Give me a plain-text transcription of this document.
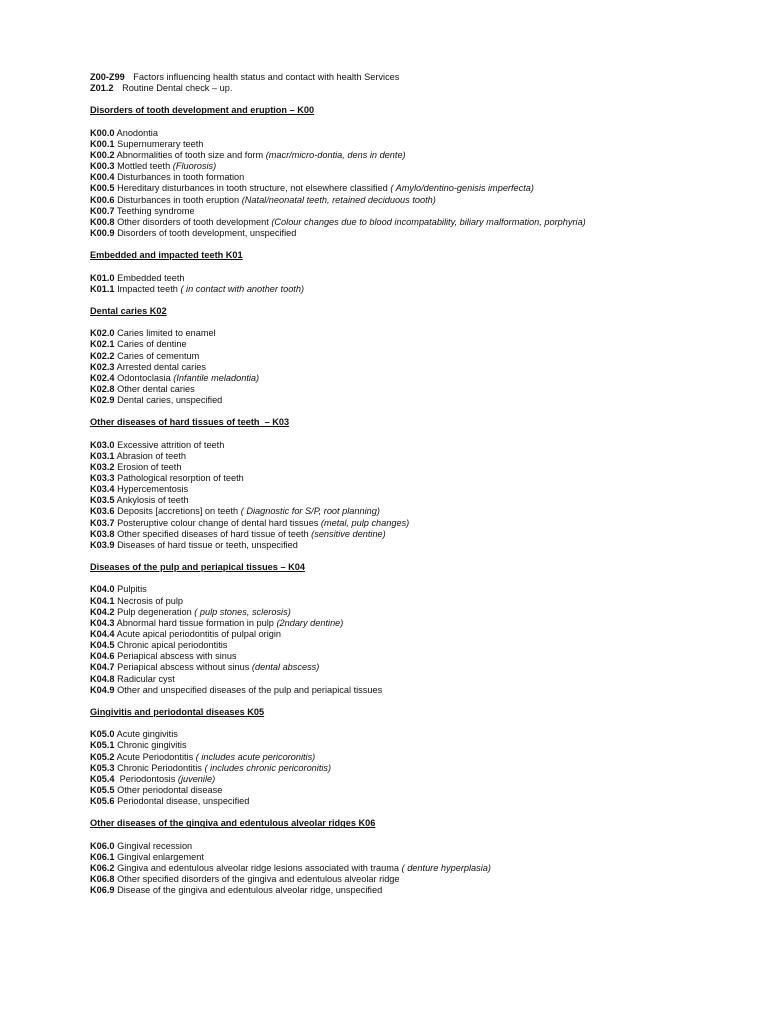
Z00-Z99 Factors influencing health status and contact with health Services
Z01.2 Routine Dental check – up.
Disorders of tooth development and eruption – K00
K00.0 Anodontia
K00.1 Supernumerary teeth
K00.2 Abnormalities of tooth size and form (macr/micro-dontia, dens in dente)
K00.3 Mottled teeth (Fluorosis)
K00.4 Disturbances in tooth formation
K00.5 Hereditary disturbances in tooth structure, not elsewhere classified ( Amylo/dentino-genisis imperfecta)
K00.6 Disturbances in tooth eruption (Natal/neonatal teeth, retained deciduous tooth)
K00.7 Teething syndrome
K00.8 Other disorders of tooth development (Colour changes due to blood incompatability, biliary malformation, porphyria)
K00.9 Disorders of tooth development, unspecified
Embedded and impacted teeth K01
K01.0 Embedded teeth
K01.1 Impacted teeth ( in contact with another tooth)
Dental caries K02
K02.0 Caries limited to enamel
K02.1 Caries of dentine
K02.2 Caries of cementum
K02.3 Arrested dental caries
K02.4 Odontoclasia (Infantile meladontia)
K02.8 Other dental caries
K02.9 Dental caries, unspecified
Other diseases of hard tissues of teeth  – K03
K03.0 Excessive attrition of teeth
K03.1 Abrasion of teeth
K03.2 Erosion of teeth
K03.3 Pathological resorption of teeth
K03.4 Hypercementosis
K03.5 Ankylosis of teeth
K03.6 Deposits [accretions] on teeth ( Diagnostic for S/P, root planning)
K03.7 Posteruptive colour change of dental hard tissues (metal, pulp changes)
K03.8 Other specified diseases of hard tissue of teeth (sensitive dentine)
K03.9 Diseases of hard tissue or teeth, unspecified
Diseases of the pulp and periapical tissues – K04
K04.0 Pulpitis
K04.1 Necrosis of pulp
K04.2 Pulp degeneration ( pulp stones, sclerosis)
K04.3 Abnormal hard tissue formation in pulp (2ndary dentine)
K04.4 Acute apical periodontitis of pulpal origin
K04.5 Chronic apical periodontitis
K04.6 Periapical abscess with sinus
K04.7 Periapical abscess without sinus (dental abscess)
K04.8 Radicular cyst
K04.9 Other and unspecified diseases of the pulp and periapical tissues
Gingivitis and periodontal diseases K05
K05.0 Acute gingivitis
K05.1 Chronic gingivitis
K05.2 Acute Periodontitis ( includes acute pericoronitis)
K05.3 Chronic Periodontitis ( includes chronic pericoronitis)
K05.4  Periodontosis (juvenile)
K05.5 Other periodontal disease
K05.6 Periodontal disease, unspecified
Other diseases of the gingiva and edentulous alveolar ridges K06
K06.0 Gingival recession
K06.1 Gingival enlargement
K06.2 Gingiva and edentulous alveolar ridge lesions associated with trauma ( denture hyperplasia)
K06.8 Other specified disorders of the gingiva and edentulous alveolar ridge
K06.9 Disease of the gingiva and edentulous alveolar ridge, unspecified
